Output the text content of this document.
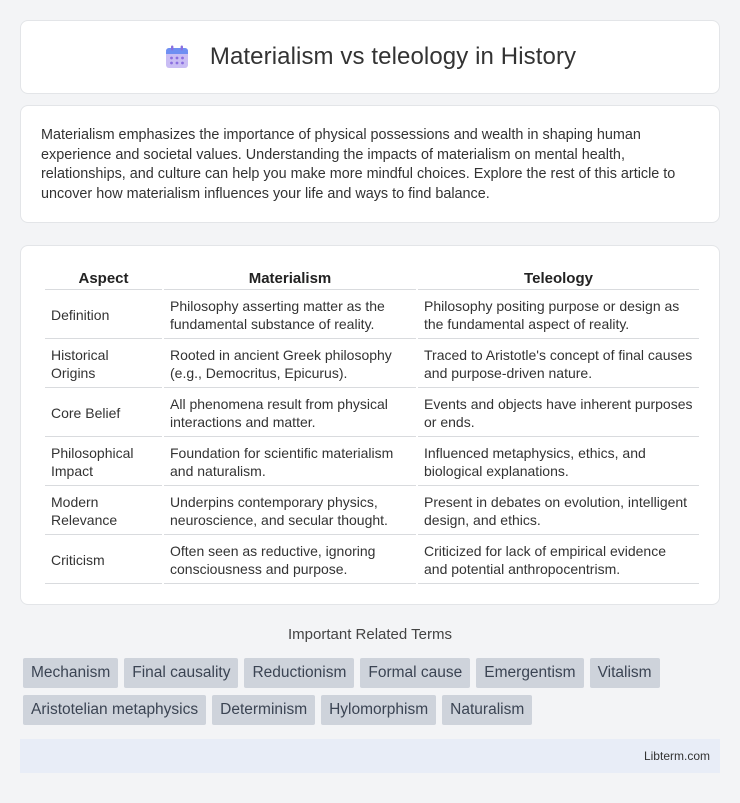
Materialism vs teleology in History

Materialism emphasizes the importance of physical possessions and wealth in shaping human experience and societal values. Understanding the impacts of materialism on mental health, relationships, and culture can help you make more mindful choices. Explore the rest of this article to uncover how materialism influences your life and ways to find balance.

Aspect	Materialism	Teleology
Definition	Philosophy asserting matter as the fundamental substance of reality.	Philosophy positing purpose or design as the fundamental aspect of reality.
Historical Origins	Rooted in ancient Greek philosophy (e.g., Democritus, Epicurus).	Traced to Aristotle's concept of final causes and purpose-driven nature.
Core Belief	All phenomena result from physical interactions and matter.	Events and objects have inherent purposes or ends.
Philosophical Impact	Foundation for scientific materialism and naturalism.	Influenced metaphysics, ethics, and biological explanations.
Modern Relevance	Underpins contemporary physics, neuroscience, and secular thought.	Present in debates on evolution, intelligent design, and ethics.
Criticism	Often seen as reductive, ignoring consciousness and purpose.	Criticized for lack of empirical evidence and potential anthropocentrism.
Important Related Terms
Mechanism	Final causality	Reductionism	Formal cause	Emergentism	Vitalism
Aristotelian metaphysics	Determinism	Hylomorphism	Naturalism
Libterm.com
